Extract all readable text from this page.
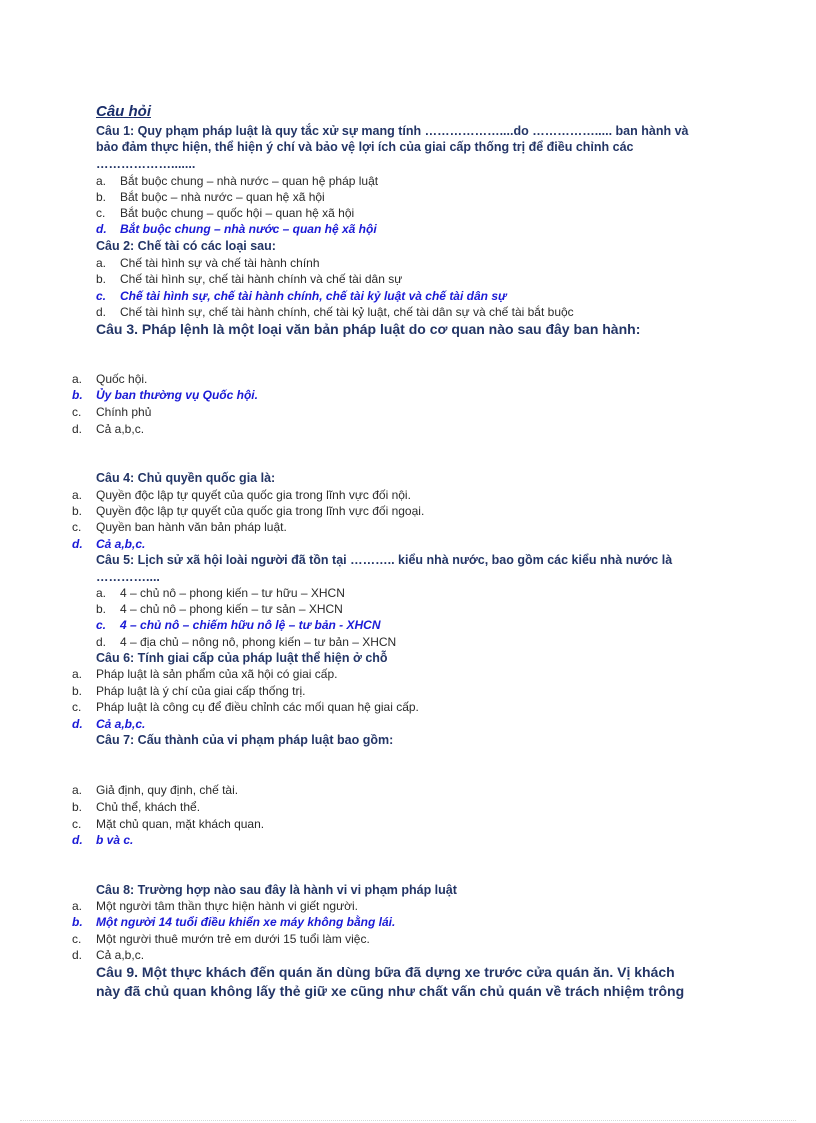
Câu hỏi
Câu 1: Quy phạm pháp luật là quy tắc xử sự mang tính ………………....do ……………..... ban hành và
bảo đảm thực hiện, thể hiện ý chí và bảo vệ lợi ích của giai cấp thống trị để điều chỉnh các
……………….......
a. Bắt buộc chung – nhà nước – quan hệ pháp luật
b. Bắt buộc – nhà nước – quan hệ xã hội
c. Bắt buộc chung – quốc hội – quan hệ xã hội
d. Bắt buộc chung – nhà nước – quan hệ xã hội
Câu 2: Chế tài có các loại sau:
a. Chế tài hình sự và chế tài hành chính
b. Chế tài hình sự, chế tài hành chính và chế tài dân sự
c. Chế tài hình sự, chế tài hành chính, chế tài kỷ luật và chế tài dân sự
d. Chế tài hình sự, chế tài hành chính, chế tài kỷ luật, chế tài dân sự và chế tài bắt buộc
Câu 3. Pháp lệnh là một loại văn bản pháp luật do cơ quan nào sau đây ban hành:
a. Quốc hội.
b. Ủy ban thường vụ Quốc hội.
c. Chính phủ
d. Cả a,b,c.
Câu 4: Chủ quyền quốc gia là:
a. Quyền độc lập tự quyết của quốc gia trong lĩnh vực đối nội.
b. Quyền độc lập tự quyết của quốc gia trong lĩnh vực đối ngoại.
c. Quyền ban hành văn bản pháp luật.
d. Cả a,b,c.
Câu 5: Lịch sử xã hội loài người đã tồn tại ……….. kiểu nhà nước, bao gồm các kiểu nhà nước là
…………....
a. 4 – chủ nô – phong kiến – tư hữu – XHCN
b. 4 – chủ nô – phong kiến – tư sản – XHCN
c. 4 – chủ nô – chiếm hữu nô lệ – tư bản - XHCN
d. 4 – địa chủ – nông nô, phong kiến – tư bản – XHCN
Câu 6: Tính giai cấp của pháp luật thể hiện ở chỗ
a. Pháp luật là sản phẩm của xã hội có giai cấp.
b. Pháp luật là ý chí của giai cấp thống trị.
c. Pháp luật là công cụ để điều chỉnh các mối quan hệ giai cấp.
d. Cả a,b,c.
Câu 7: Cấu thành của vi phạm pháp luật bao gồm:
a. Giả định, quy định, chế tài.
b. Chủ thể, khách thể.
c. Mặt chủ quan, mặt khách quan.
d. b và c.
Câu 8: Trường hợp nào sau đây là hành vi vi phạm pháp luật
a. Một người tâm thần thực hiện hành vi giết người.
b. Một người 14 tuổi điều khiển xe máy không bằng lái.
c. Một người thuê mướn trẻ em dưới 15 tuổi làm việc.
d. Cả a,b,c.
Câu 9. Một thực khách đến quán ăn dùng bữa đã dựng xe trước cửa quán ăn. Vị khách
này đã chủ quan không lấy thẻ giữ xe cũng như chất vấn chủ quán về trách nhiệm trông
